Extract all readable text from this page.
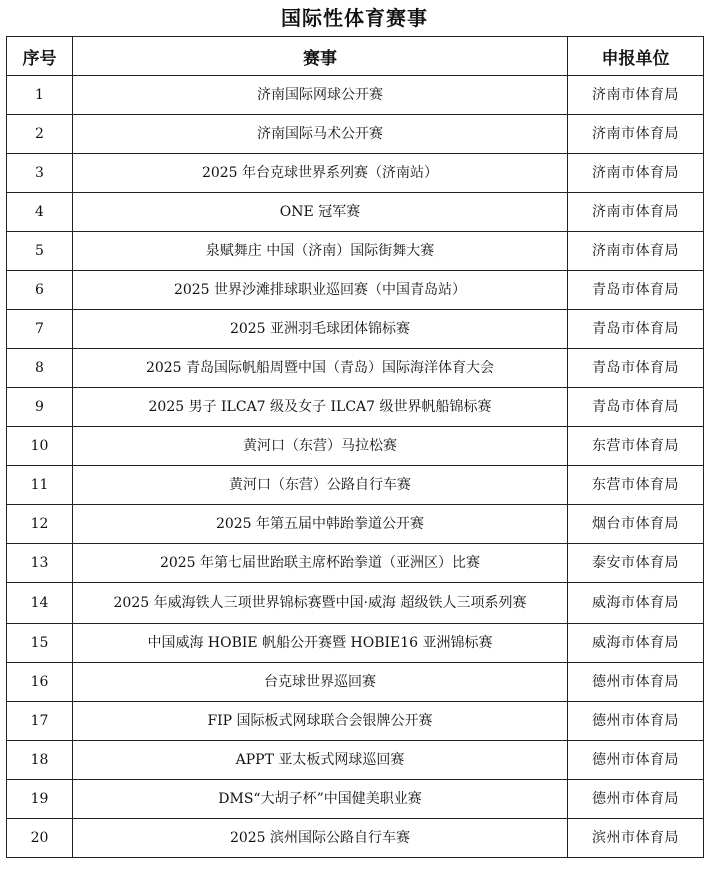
国际性体育赛事
序号	赛事	申报单位
1	济南国际网球公开赛	济南市体育局
2	济南国际马术公开赛	济南市体育局
3	2025 年台克球世界系列赛（济南站）	济南市体育局
4	ONE 冠军赛	济南市体育局
5	泉赋舞庄 中国（济南）国际街舞大赛	济南市体育局
6	2025 世界沙滩排球职业巡回赛（中国青岛站）	青岛市体育局
7	2025 亚洲羽毛球团体锦标赛	青岛市体育局
8	2025 青岛国际帆船周暨中国（青岛）国际海洋体育大会	青岛市体育局
9	2025 男子 ILCA7 级及女子 ILCA7 级世界帆船锦标赛	青岛市体育局
10	黄河口（东营）马拉松赛	东营市体育局
11	黄河口（东营）公路自行车赛	东营市体育局
12	2025 年第五届中韩跆拳道公开赛	烟台市体育局
13	2025 年第七届世跆联主席杯跆拳道（亚洲区）比赛	泰安市体育局
14	2025 年威海铁人三项世界锦标赛暨中国·威海 超级铁人三项系列赛	威海市体育局
15	中国威海 HOBIE 帆船公开赛暨 HOBIE16 亚洲锦标赛	威海市体育局
16	台克球世界巡回赛	德州市体育局
17	FIP 国际板式网球联合会银牌公开赛	德州市体育局
18	APPT 亚太板式网球巡回赛	德州市体育局
19	DMS“大胡子杯”中国健美职业赛	德州市体育局
20	2025 滨州国际公路自行车赛	滨州市体育局
